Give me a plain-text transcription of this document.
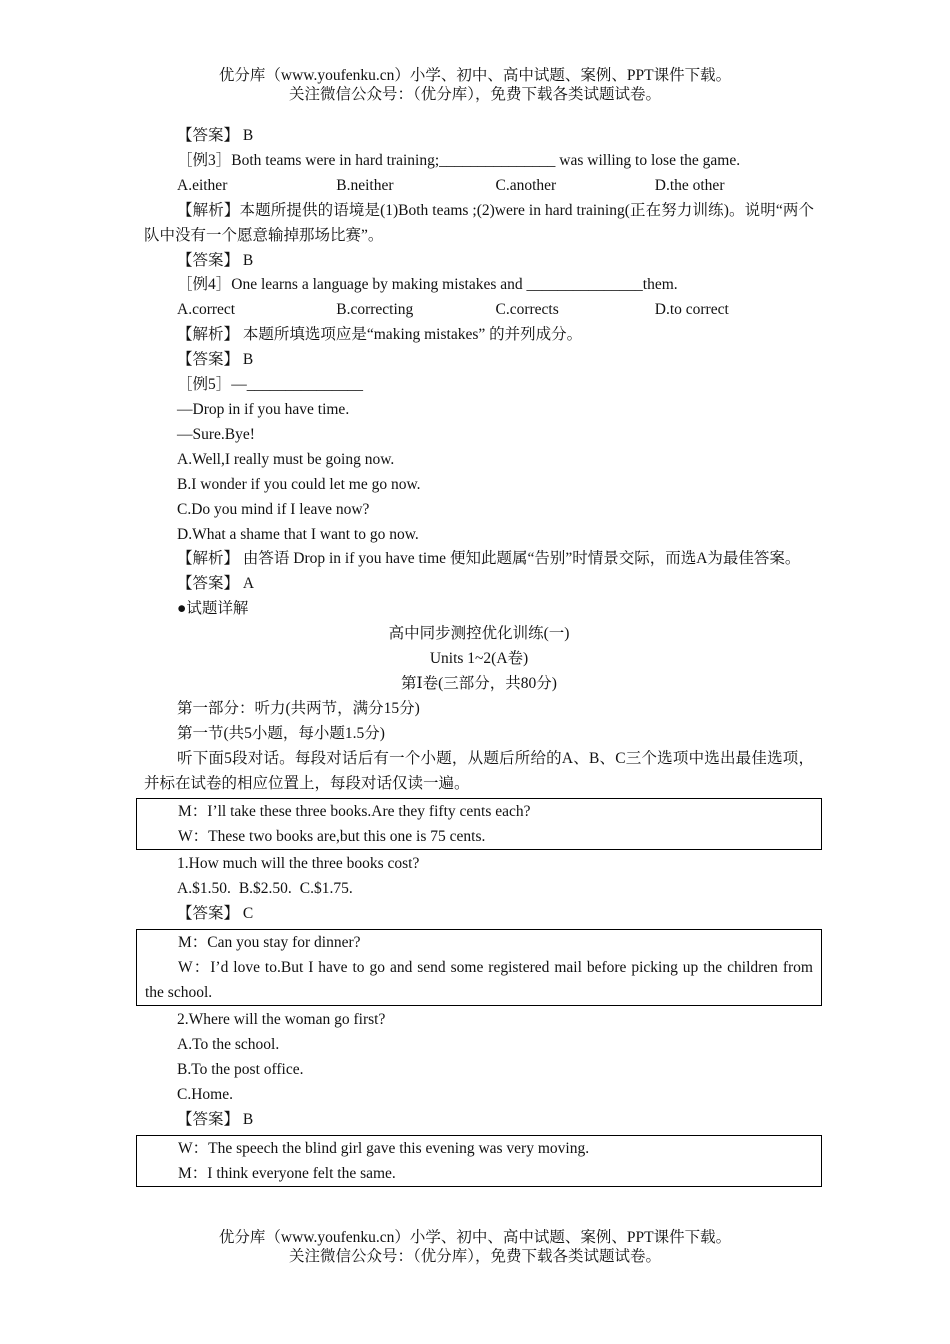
优分库（www.youfenku.cn）小学、初中、高中试题、案例、PPT课件下载。
关注微信公众号：（优分库），免费下载各类试题试卷。

【答案】 B

［例3］Both teams were in hard training;_______________ was willing to lose the game.

A.either	B.neither	C.another	D.the other

【解析】本题所提供的语境是(1)Both teams ;(2)were in hard training(正在努力训练)。说明“两个队中没有一个愿意输掉那场比赛”。

【答案】 B

［例4］One learns a language by making mistakes and _______________them.

A.correct	B.correcting	C.corrects	D.to correct

【解析】 本题所填选项应是“making mistakes” 的并列成分。

【答案】 B

［例5］—_______________

—Drop in if you have time.

—Sure.Bye!

A.Well,I really must be going now.

B.I wonder if you could let me go now.

C.Do you mind if I leave now?

D.What a shame that I want to go now.

【解析】 由答语 Drop in if you have time 便知此题属“告别”时情景交际，而选A为最佳答案。

【答案】 A

●试题详解

高中同步测控优化训练(一)

Units 1~2(A卷)

第Ⅰ卷(三部分，共80分)

第一部分：听力(共两节，满分15分)

第一节(共5小题，每小题1.5分)

听下面5段对话。每段对话后有一个小题，从题后所给的A、B、C三个选项中选出最佳选项，并标在试卷的相应位置上，每段对话仅读一遍。

M：I’ll take these three books.Are they fifty cents each?

W：These two books are,but this one is 75 cents.

1.How much will the three books cost?

A.$1.50. B.$2.50. C.$1.75.

【答案】 C

M：Can you stay for dinner?

W：I’d love to.But I have to go and send some registered mail before picking up the children from the school.

2.Where will the woman go first?

A.To the school.

B.To the post office.

C.Home.

【答案】 B

W：The speech the blind girl gave this evening was very moving.

M：I think everyone felt the same.

优分库（www.youfenku.cn）小学、初中、高中试题、案例、PPT课件下载。
关注微信公众号：（优分库），免费下载各类试题试卷。
